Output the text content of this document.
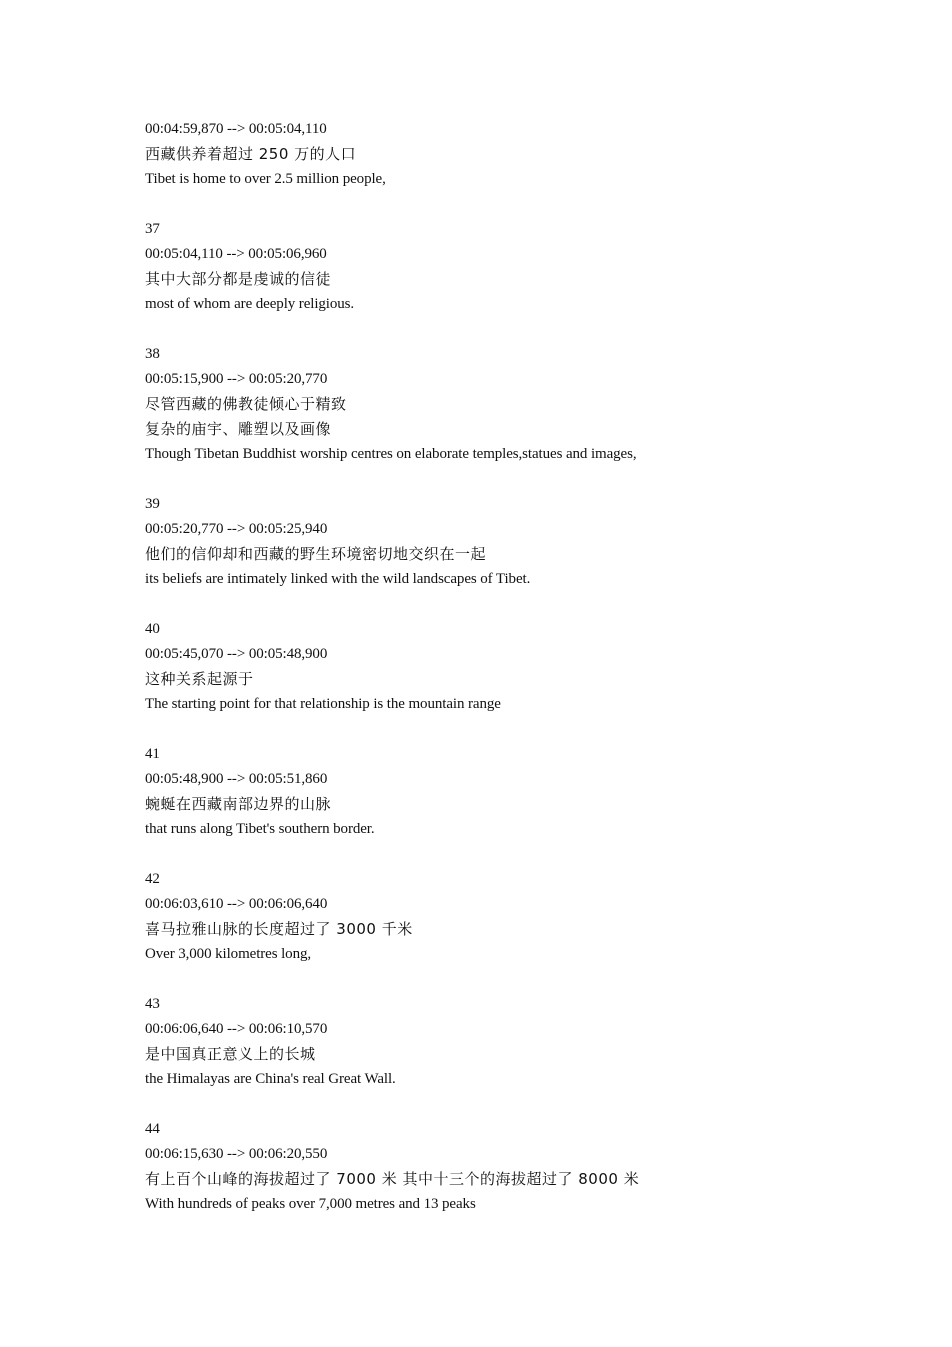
00:04:59,870 --> 00:05:04,110
西藏供养着超过 250 万的人口
Tibet is home to over 2.5 million people,
37
00:05:04,110 --> 00:05:06,960
其中大部分都是虔诚的信徒
most of whom are deeply religious.
38
00:05:15,900 --> 00:05:20,770
尽管西藏的佛教徒倾心于精致
复杂的庙宇、雕塑以及画像
Though Tibetan Buddhist worship centres on elaborate temples,statues and images,
39
00:05:20,770 --> 00:05:25,940
他们的信仰却和西藏的野生环境密切地交织在一起
its beliefs are intimately linked with the wild landscapes of Tibet.
40
00:05:45,070 --> 00:05:48,900
这种关系起源于
The starting point for that relationship is the mountain range
41
00:05:48,900 --> 00:05:51,860
蜿蜒在西藏南部边界的山脉
that runs along Tibet's southern border.
42
00:06:03,610 --> 00:06:06,640
喜马拉雅山脉的长度超过了 3000 千米
Over 3,000 kilometres long,
43
00:06:06,640 --> 00:06:10,570
是中国真正意义上的长城
the Himalayas are China's real Great Wall.
44
00:06:15,630 --> 00:06:20,550
有上百个山峰的海拔超过了 7000 米 其中十三个的海拔超过了 8000 米
With hundreds of peaks over 7,000 metres and 13 peaks
